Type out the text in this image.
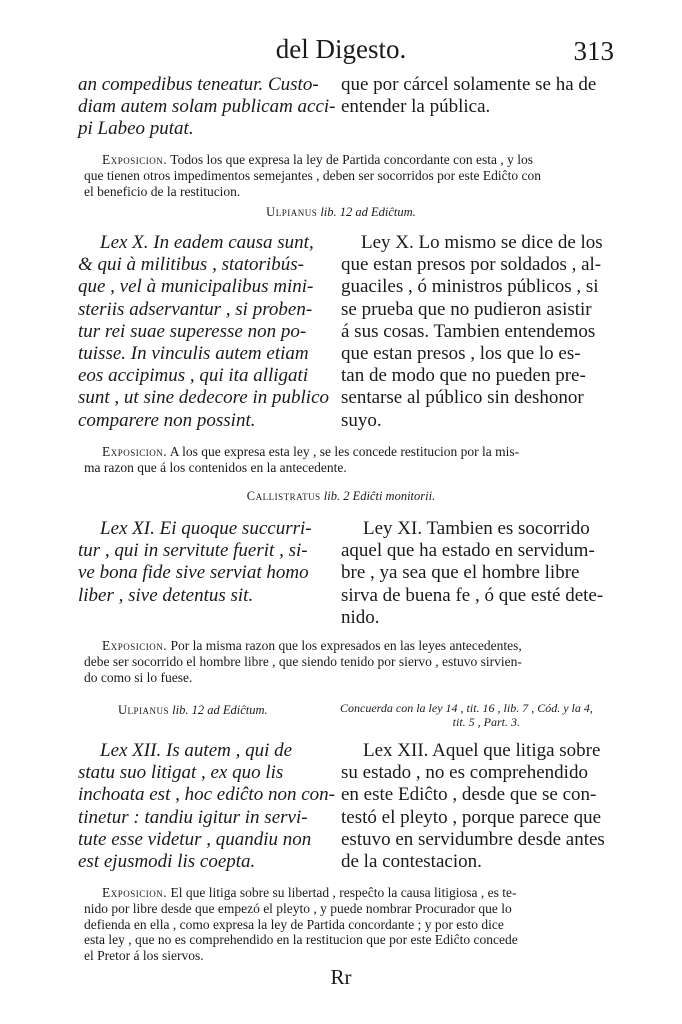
del Digesto.	313
an compedibus teneatur. Custo-
diam autem solam publicam acci-
pi Labeo putat.
que por cárcel solamente se ha de
entender la pública.

Exposicion. Todos los que expresa la ley de Partida concordante con esta , y los

que tienen otros impedimentos semejantes , deben ser socorridos por este Ediĉto con

el beneficio de la restitucion.

Ulpianus lib. 12 ad Ediĉtum.
Lex X. In eadem causa sunt,
& qui à militibus , statoribús-
que , vel à municipalibus mini-
steriis adservantur , si proben-
tur rei suae superesse non po-
tuisse. In vinculis autem etiam
eos accipimus , qui ita alligati
sunt , ut sine dedecore in publico
comparere non possint.
Ley X. Lo mismo se dice de los
que estan presos por soldados , al-
guaciles , ó ministros públicos , si
se prueba que no pudieron asistir
á sus cosas. Tambien entendemos
que estan presos , los que lo es-
tan de modo que no pueden pre-
sentarse al público sin deshonor
suyo.

Exposicion. A los que expresa esta ley , se les concede restitucion por la mis-

ma razon que á los contenidos en la antecedente.

Callistratus lib. 2 Ediĉti monitorii.
Lex XI. Ei quoque succurri-
tur , qui in servitute fuerit , si-
ve bona fide sive serviat homo
liber , sive detentus sit.
Ley XI. Tambien es socorrido
aquel que ha estado en servidum-
bre , ya sea que el hombre libre
sirva de buena fe , ó que esté dete-
nido.

Exposicion. Por la misma razon que los expresados en las leyes antecedentes,

debe ser socorrido el hombre libre , que siendo tenido por siervo , estuvo sirvien-

do como si lo fuese.

Ulpianus lib. 12 ad Ediĉtum.	Concuerda con la ley 14 , tit. 16 , lib. 7 , Cód. y la 4,
tit. 5 , Part. 3.
Lex XII. Is autem , qui de
statu suo litigat , ex quo lis
inchoata est , hoc ediĉto non con-
tinetur : tandiu igitur in servi-
tute esse videtur , quandiu non
est ejusmodi lis coepta.
Lex XII. Aquel que litiga sobre
su estado , no es comprehendido
en este Ediĉto , desde que se con-
testó el pleyto , porque parece que
estuvo en servidumbre desde antes
de la contestacion.

Exposicion. El que litiga sobre su libertad , respeĉto la causa litigiosa , es te-

nido por libre desde que empezó el pleyto , y puede nombrar Procurador que lo

defienda en ella , como expresa la ley de Partida concordante ; y por esto dice

esta ley , que no es comprehendido en la restitucion que por este Ediĉto concede

el Pretor á los siervos.

Rr
